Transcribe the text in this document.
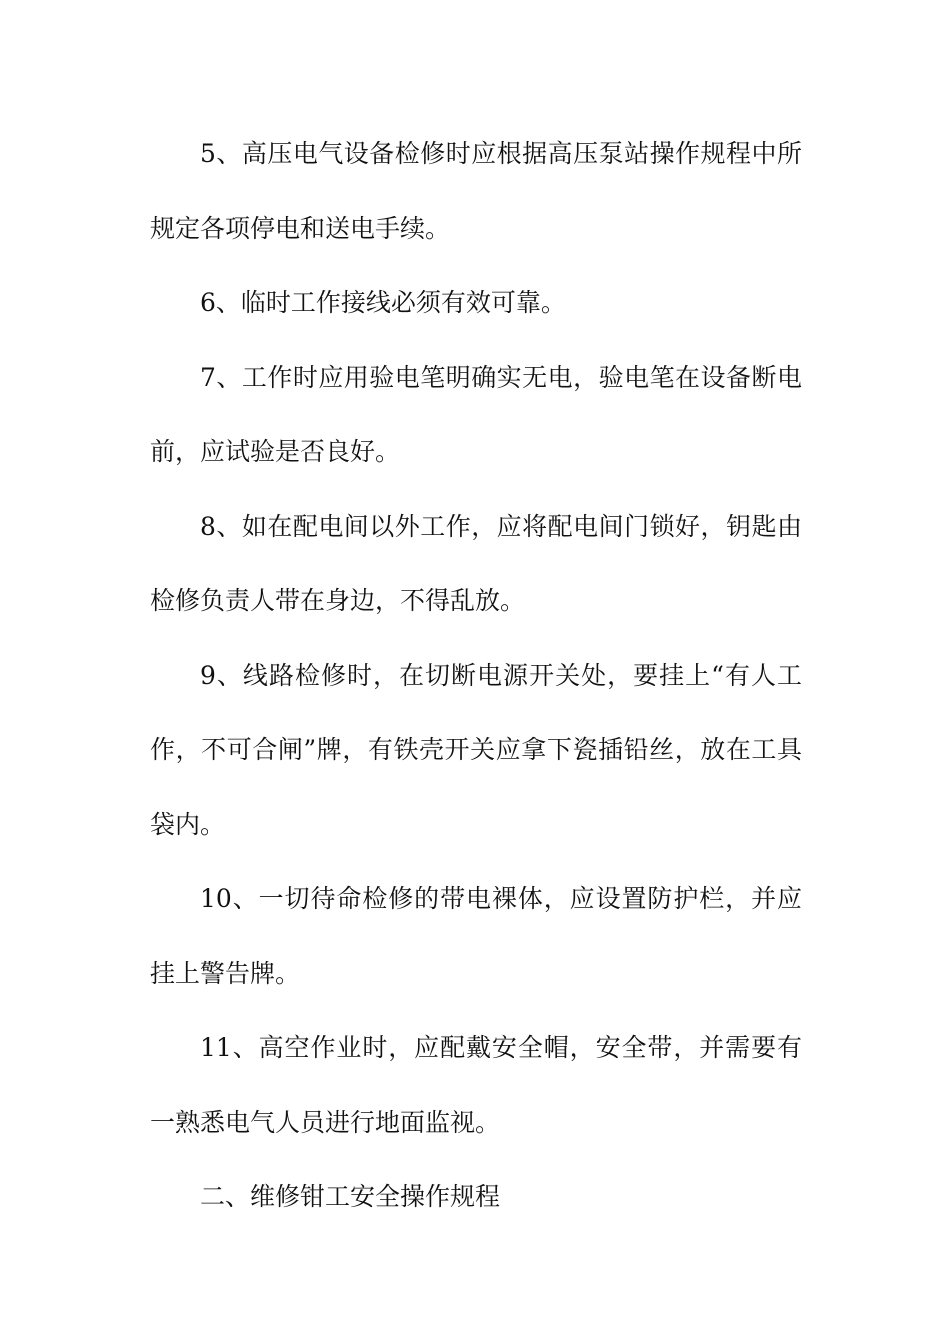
5、高压电气设备检修时应根据高压泵站操作规程中所规定各项停电和送电手续。

6、临时工作接线必须有效可靠。

7、工作时应用验电笔明确实无电，验电笔在设备断电前，应试验是否良好。

8、如在配电间以外工作，应将配电间门锁好，钥匙由检修负责人带在身边，不得乱放。

9、线路检修时，在切断电源开关处，要挂上“有人工作，不可合闸”牌，有铁壳开关应拿下瓷插铅丝，放在工具袋内。

10、一切待命检修的带电裸体，应设置防护栏，并应挂上警告牌。

11、高空作业时，应配戴安全帽，安全带，并需要有一熟悉电气人员进行地面监视。

二、维修钳工安全操作规程
